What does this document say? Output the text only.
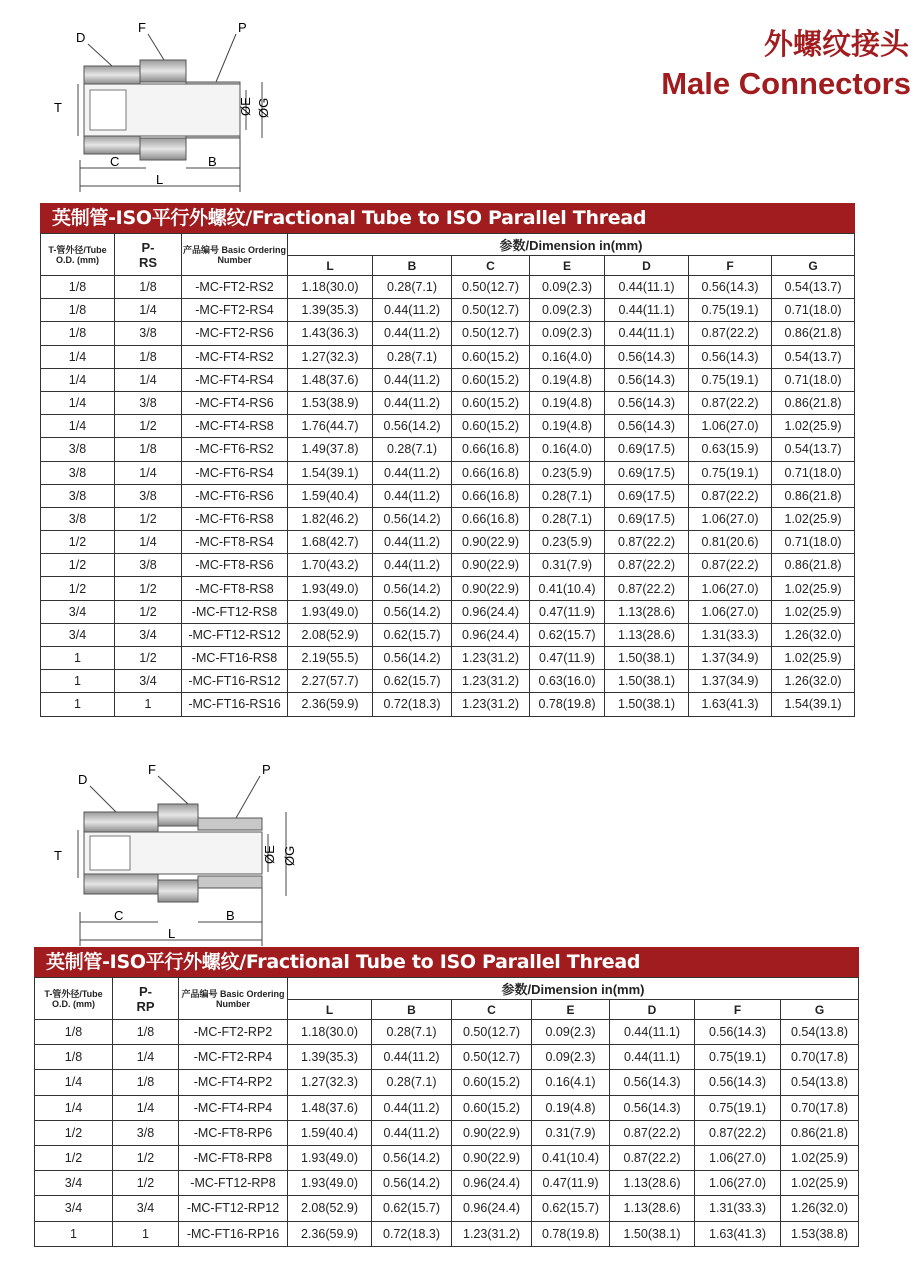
外螺纹接头
Male Connectors
D
F	P
T	ØE ØG
C	B
L
英制管-ISO平行外螺纹/Fractional Tube to ISO Parallel Thread
T-管外径/Tube O.D. (mm)	P-
RS	产品编号 Basic Ordering Number	参数/Dimension in(mm)						
			L	B	C	E	D	F	G
1/8	1/8	-MC-FT2-RS2	1.18(30.0)	0.28(7.1)	0.50(12.7)	0.09(2.3)	0.44(11.1)	0.56(14.3)	0.54(13.7)
1/8	1/4	-MC-FT2-RS4	1.39(35.3)	0.44(11.2)	0.50(12.7)	0.09(2.3)	0.44(11.1)	0.75(19.1)	0.71(18.0)
1/8	3/8	-MC-FT2-RS6	1.43(36.3)	0.44(11.2)	0.50(12.7)	0.09(2.3)	0.44(11.1)	0.87(22.2)	0.86(21.8)
1/4	1/8	-MC-FT4-RS2	1.27(32.3)	0.28(7.1)	0.60(15.2)	0.16(4.0)	0.56(14.3)	0.56(14.3)	0.54(13.7)
1/4	1/4	-MC-FT4-RS4	1.48(37.6)	0.44(11.2)	0.60(15.2)	0.19(4.8)	0.56(14.3)	0.75(19.1)	0.71(18.0)
1/4	3/8	-MC-FT4-RS6	1.53(38.9)	0.44(11.2)	0.60(15.2)	0.19(4.8)	0.56(14.3)	0.87(22.2)	0.86(21.8)
1/4	1/2	-MC-FT4-RS8	1.76(44.7)	0.56(14.2)	0.60(15.2)	0.19(4.8)	0.56(14.3)	1.06(27.0)	1.02(25.9)
3/8	1/8	-MC-FT6-RS2	1.49(37.8)	0.28(7.1)	0.66(16.8)	0.16(4.0)	0.69(17.5)	0.63(15.9)	0.54(13.7)
3/8	1/4	-MC-FT6-RS4	1.54(39.1)	0.44(11.2)	0.66(16.8)	0.23(5.9)	0.69(17.5)	0.75(19.1)	0.71(18.0)
3/8	3/8	-MC-FT6-RS6	1.59(40.4)	0.44(11.2)	0.66(16.8)	0.28(7.1)	0.69(17.5)	0.87(22.2)	0.86(21.8)
3/8	1/2	-MC-FT6-RS8	1.82(46.2)	0.56(14.2)	0.66(16.8)	0.28(7.1)	0.69(17.5)	1.06(27.0)	1.02(25.9)
1/2	1/4	-MC-FT8-RS4	1.68(42.7)	0.44(11.2)	0.90(22.9)	0.23(5.9)	0.87(22.2)	0.81(20.6)	0.71(18.0)
1/2	3/8	-MC-FT8-RS6	1.70(43.2)	0.44(11.2)	0.90(22.9)	0.31(7.9)	0.87(22.2)	0.87(22.2)	0.86(21.8)
1/2	1/2	-MC-FT8-RS8	1.93(49.0)	0.56(14.2)	0.90(22.9)	0.41(10.4)	0.87(22.2)	1.06(27.0)	1.02(25.9)
3/4	1/2	-MC-FT12-RS8	1.93(49.0)	0.56(14.2)	0.96(24.4)	0.47(11.9)	1.13(28.6)	1.06(27.0)	1.02(25.9)
3/4	3/4	-MC-FT12-RS12	2.08(52.9)	0.62(15.7)	0.96(24.4)	0.62(15.7)	1.13(28.6)	1.31(33.3)	1.26(32.0)
1	1/2	-MC-FT16-RS8	2.19(55.5)	0.56(14.2)	1.23(31.2)	0.47(11.9)	1.50(38.1)	1.37(34.9)	1.02(25.9)
1	3/4	-MC-FT16-RS12	2.27(57.7)	0.62(15.7)	1.23(31.2)	0.63(16.0)	1.50(38.1)	1.37(34.9)	1.26(32.0)
1	1	-MC-FT16-RS16	2.36(59.9)	0.72(18.3)	1.23(31.2)	0.78(19.8)	1.50(38.1)	1.63(41.3)	1.54(39.1)
D
F	P
T	ØE ØG
C	B
L
英制管-ISO平行外螺纹/Fractional Tube to ISO Parallel Thread
T-管外径/Tube O.D. (mm)	P-
RP	产品编号 Basic Ordering Number	参数/Dimension in(mm)						
			L	B	C	E	D	F	G
1/8	1/8	-MC-FT2-RP2	1.18(30.0)	0.28(7.1)	0.50(12.7)	0.09(2.3)	0.44(11.1)	0.56(14.3)	0.54(13.8)
1/8	1/4	-MC-FT2-RP4	1.39(35.3)	0.44(11.2)	0.50(12.7)	0.09(2.3)	0.44(11.1)	0.75(19.1)	0.70(17.8)
1/4	1/8	-MC-FT4-RP2	1.27(32.3)	0.28(7.1)	0.60(15.2)	0.16(4.1)	0.56(14.3)	0.56(14.3)	0.54(13.8)
1/4	1/4	-MC-FT4-RP4	1.48(37.6)	0.44(11.2)	0.60(15.2)	0.19(4.8)	0.56(14.3)	0.75(19.1)	0.70(17.8)
1/2	3/8	-MC-FT8-RP6	1.59(40.4)	0.44(11.2)	0.90(22.9)	0.31(7.9)	0.87(22.2)	0.87(22.2)	0.86(21.8)
1/2	1/2	-MC-FT8-RP8	1.93(49.0)	0.56(14.2)	0.90(22.9)	0.41(10.4)	0.87(22.2)	1.06(27.0)	1.02(25.9)
3/4	1/2	-MC-FT12-RP8	1.93(49.0)	0.56(14.2)	0.96(24.4)	0.47(11.9)	1.13(28.6)	1.06(27.0)	1.02(25.9)
3/4	3/4	-MC-FT12-RP12	2.08(52.9)	0.62(15.7)	0.96(24.4)	0.62(15.7)	1.13(28.6)	1.31(33.3)	1.26(32.0)
1	1	-MC-FT16-RP16	2.36(59.9)	0.72(18.3)	1.23(31.2)	0.78(19.8)	1.50(38.1)	1.63(41.3)	1.53(38.8)
